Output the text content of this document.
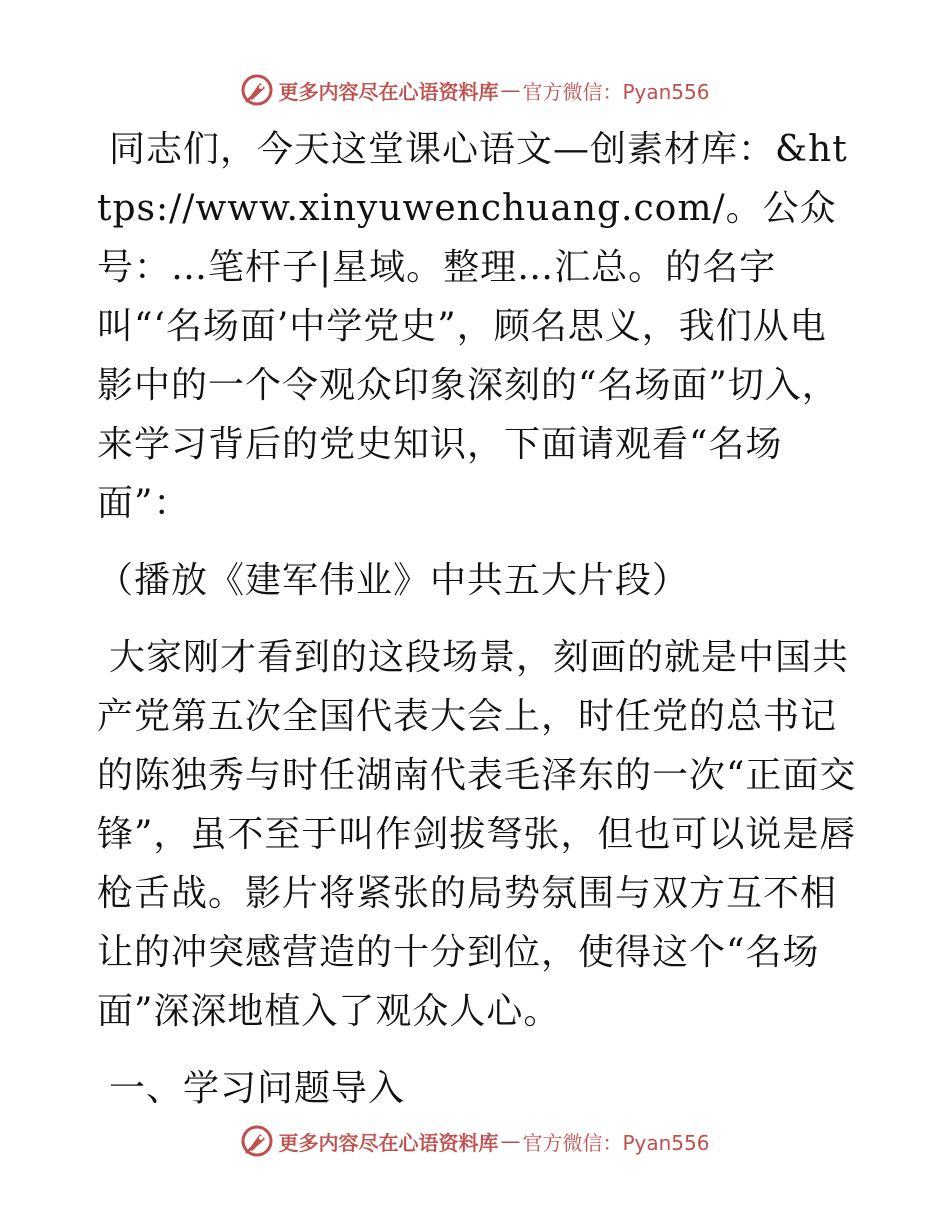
更多内容尽在心语资料库 — 官方微信：Pyan556

同志们，今天这堂课心语文—创素材库：&https://www.xinyuwenchuang.com/。公众号：…笔杆子|星域。整理…汇总。的名字叫“‘名场面’中学党史”，顾名思义，我们从电影中的一个令观众印象深刻的“名场面”切入，来学习背后的党史知识，下面请观看“名场面”：

（播放《建军伟业》中共五大片段）

大家刚才看到的这段场景，刻画的就是中国共产党第五次全国代表大会上，时任党的总书记的陈独秀与时任湖南代表毛泽东的一次“正面交锋”，虽不至于叫作剑拔弩张，但也可以说是唇枪舌战。影片将紧张的局势氛围与双方互不相让的冲突感营造的十分到位，使得这个“名场面”深深地植入了观众人心。

一、学习问题导入

更多内容尽在心语资料库 — 官方微信：Pyan556
